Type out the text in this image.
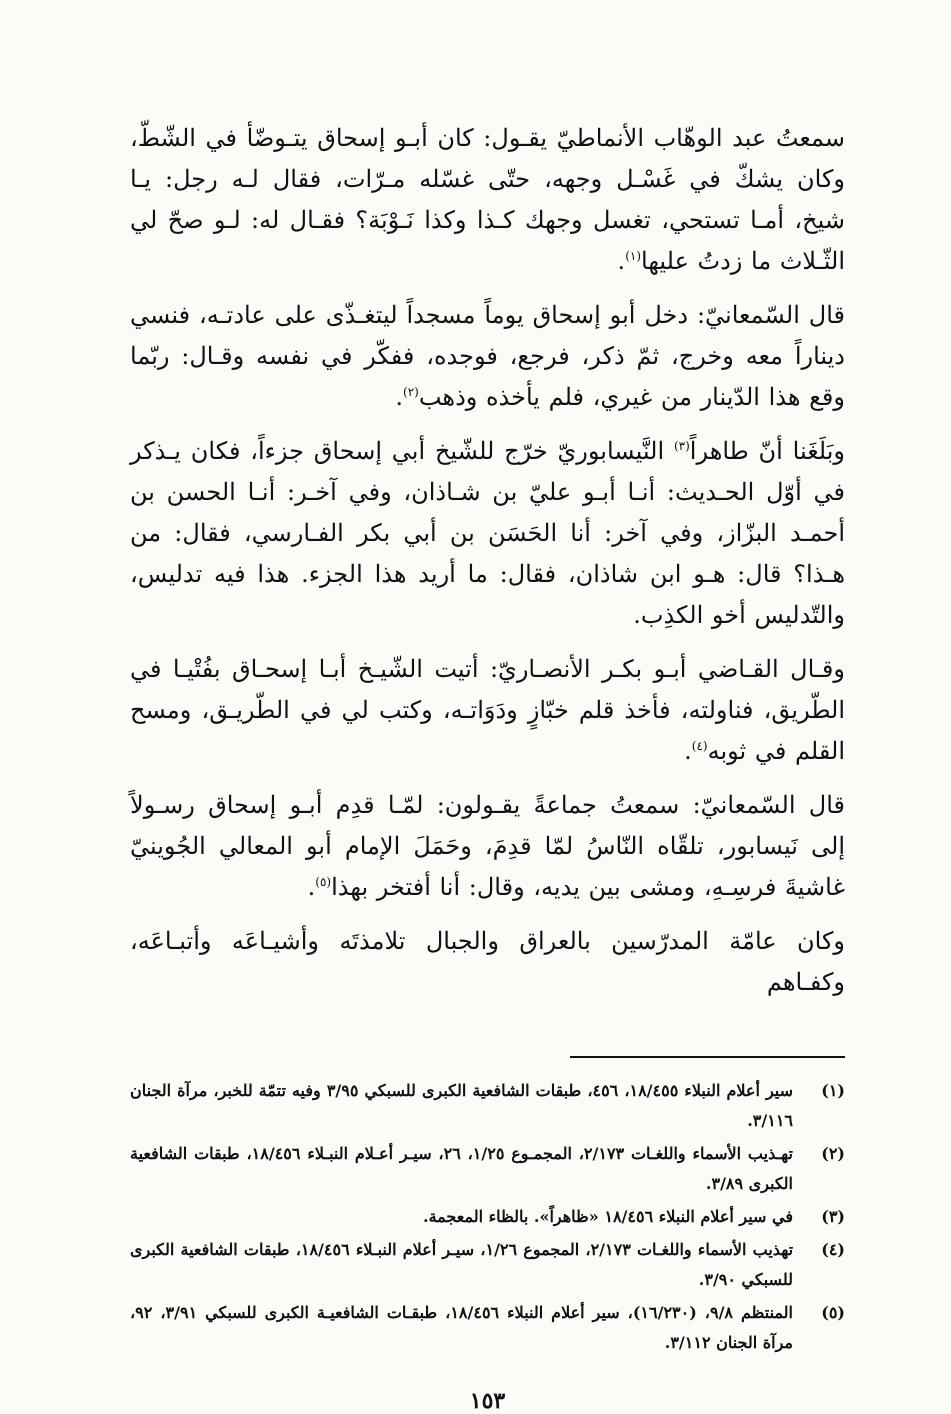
سمعتُ عبد الوهّاب الأنماطيّ يقـول: كان أبـو إسحاق يتـوضّأ في الشّطّ، وكان يشكّ في غَسْـل وجهه، حتّى غسّله مـرّات، فقال لـه رجل: يـا شيخ، أمـا تستحي، تغسل وجهك كـذا وكذا نَـوْبَة؟ فقـال له: لـو صحّ لي الثّـلاث ما زدتُ عليها$^{(١)}$.

قال السّمعانيّ: دخل أبو إسحاق يوماً مسجداً ليتغـذّى على عادتـه، فنسي ديناراً معه وخرج، ثمّ ذكر، فرجع، فوجده، ففكّر في نفسه وقـال: ربّما وقع هذا الدّينار من غيري، فلم يأخذه وذهب$^{(٢)}$.

وبَلَغَنا أنّ طاهراً$^{(٣)}$ النَّيسابوريّ خرّج للشّيخ أبي إسحاق جزءاً، فكان يـذكر في أوّل الحـديث: أنـا أبـو عليّ بن شـاذان، وفي آخـر: أنـا الحسن بن أحمـد البزّاز، وفي آخر: أنا الحَسَن بن أبي بكر الفـارسي، فقال: من هـذا؟ قال: هـو ابن شاذان، فقال: ما أريد هذا الجزء. هذا فيه تدليس، والتّدليس أخو الكذِب.

وقـال القـاضي أبـو بكـر الأنصـاريّ: أتيت الشّيـخ أبـا إسحـاق بفُتْيـا في الطّريق، فناولته، فأخذ قلم خبّازٍ ودَوَاتـه، وكتب لي في الطّريـق، ومسح القلم في ثوبه$^{(٤)}$.

قال السّمعانيّ: سمعتُ جماعةً يقـولون: لمّـا قدِم أبـو إسحاق رسـولاً إلى نَيسابور، تلقّاه النّاسُ لمّا قدِمَ، وحَمَلَ الإمام أبو المعالي الجُوينيّ غاشيةَ فرسِـهِ، ومشى بين يديه، وقال: أنا أفتخر بهذا$^{(٥)}$.

وكان عامّة المدرّسين بالعراق والجبال تلامذتَه وأشيـاعَه وأتبـاعَه، وكفـاهم

(١)
سير أعلام النبلاء ١٨/٤٥٥، ٤٥٦، طبقات الشافعية الكبرى للسبكي ٣/٩٥ وفيه تتمّة للخبر، مرآة الجنان ٣/١١٦.
(٢)
تهـذيب الأسماء واللغـات ٢/١٧٣، المجمـوع ١/٢٥، ٢٦، سيـر أعـلام النبـلاء ١٨/٤٥٦، طبقات الشافعية الكبرى ٣/٨٩.
(٣)
في سير أعلام النبلاء ١٨/٤٥٦ «ظاهراً». بالظاء المعجمة.
(٤)
تهذيب الأسماء واللغـات ٢/١٧٣، المجموع ١/٢٦، سيـر أعلام النبـلاء ١٨/٤٥٦، طبقات الشافعية الكبرى للسبكي ٣/٩٠.
(٥)
المنتظم ٩/٨، (١٦/٢٣٠)، سير أعلام النبلاء ١٨/٤٥٦، طبقـات الشافعيـة الكبرى للسبكي ٣/٩١، ٩٢، مرآة الجنان ٣/١١٢.
١٥٣
